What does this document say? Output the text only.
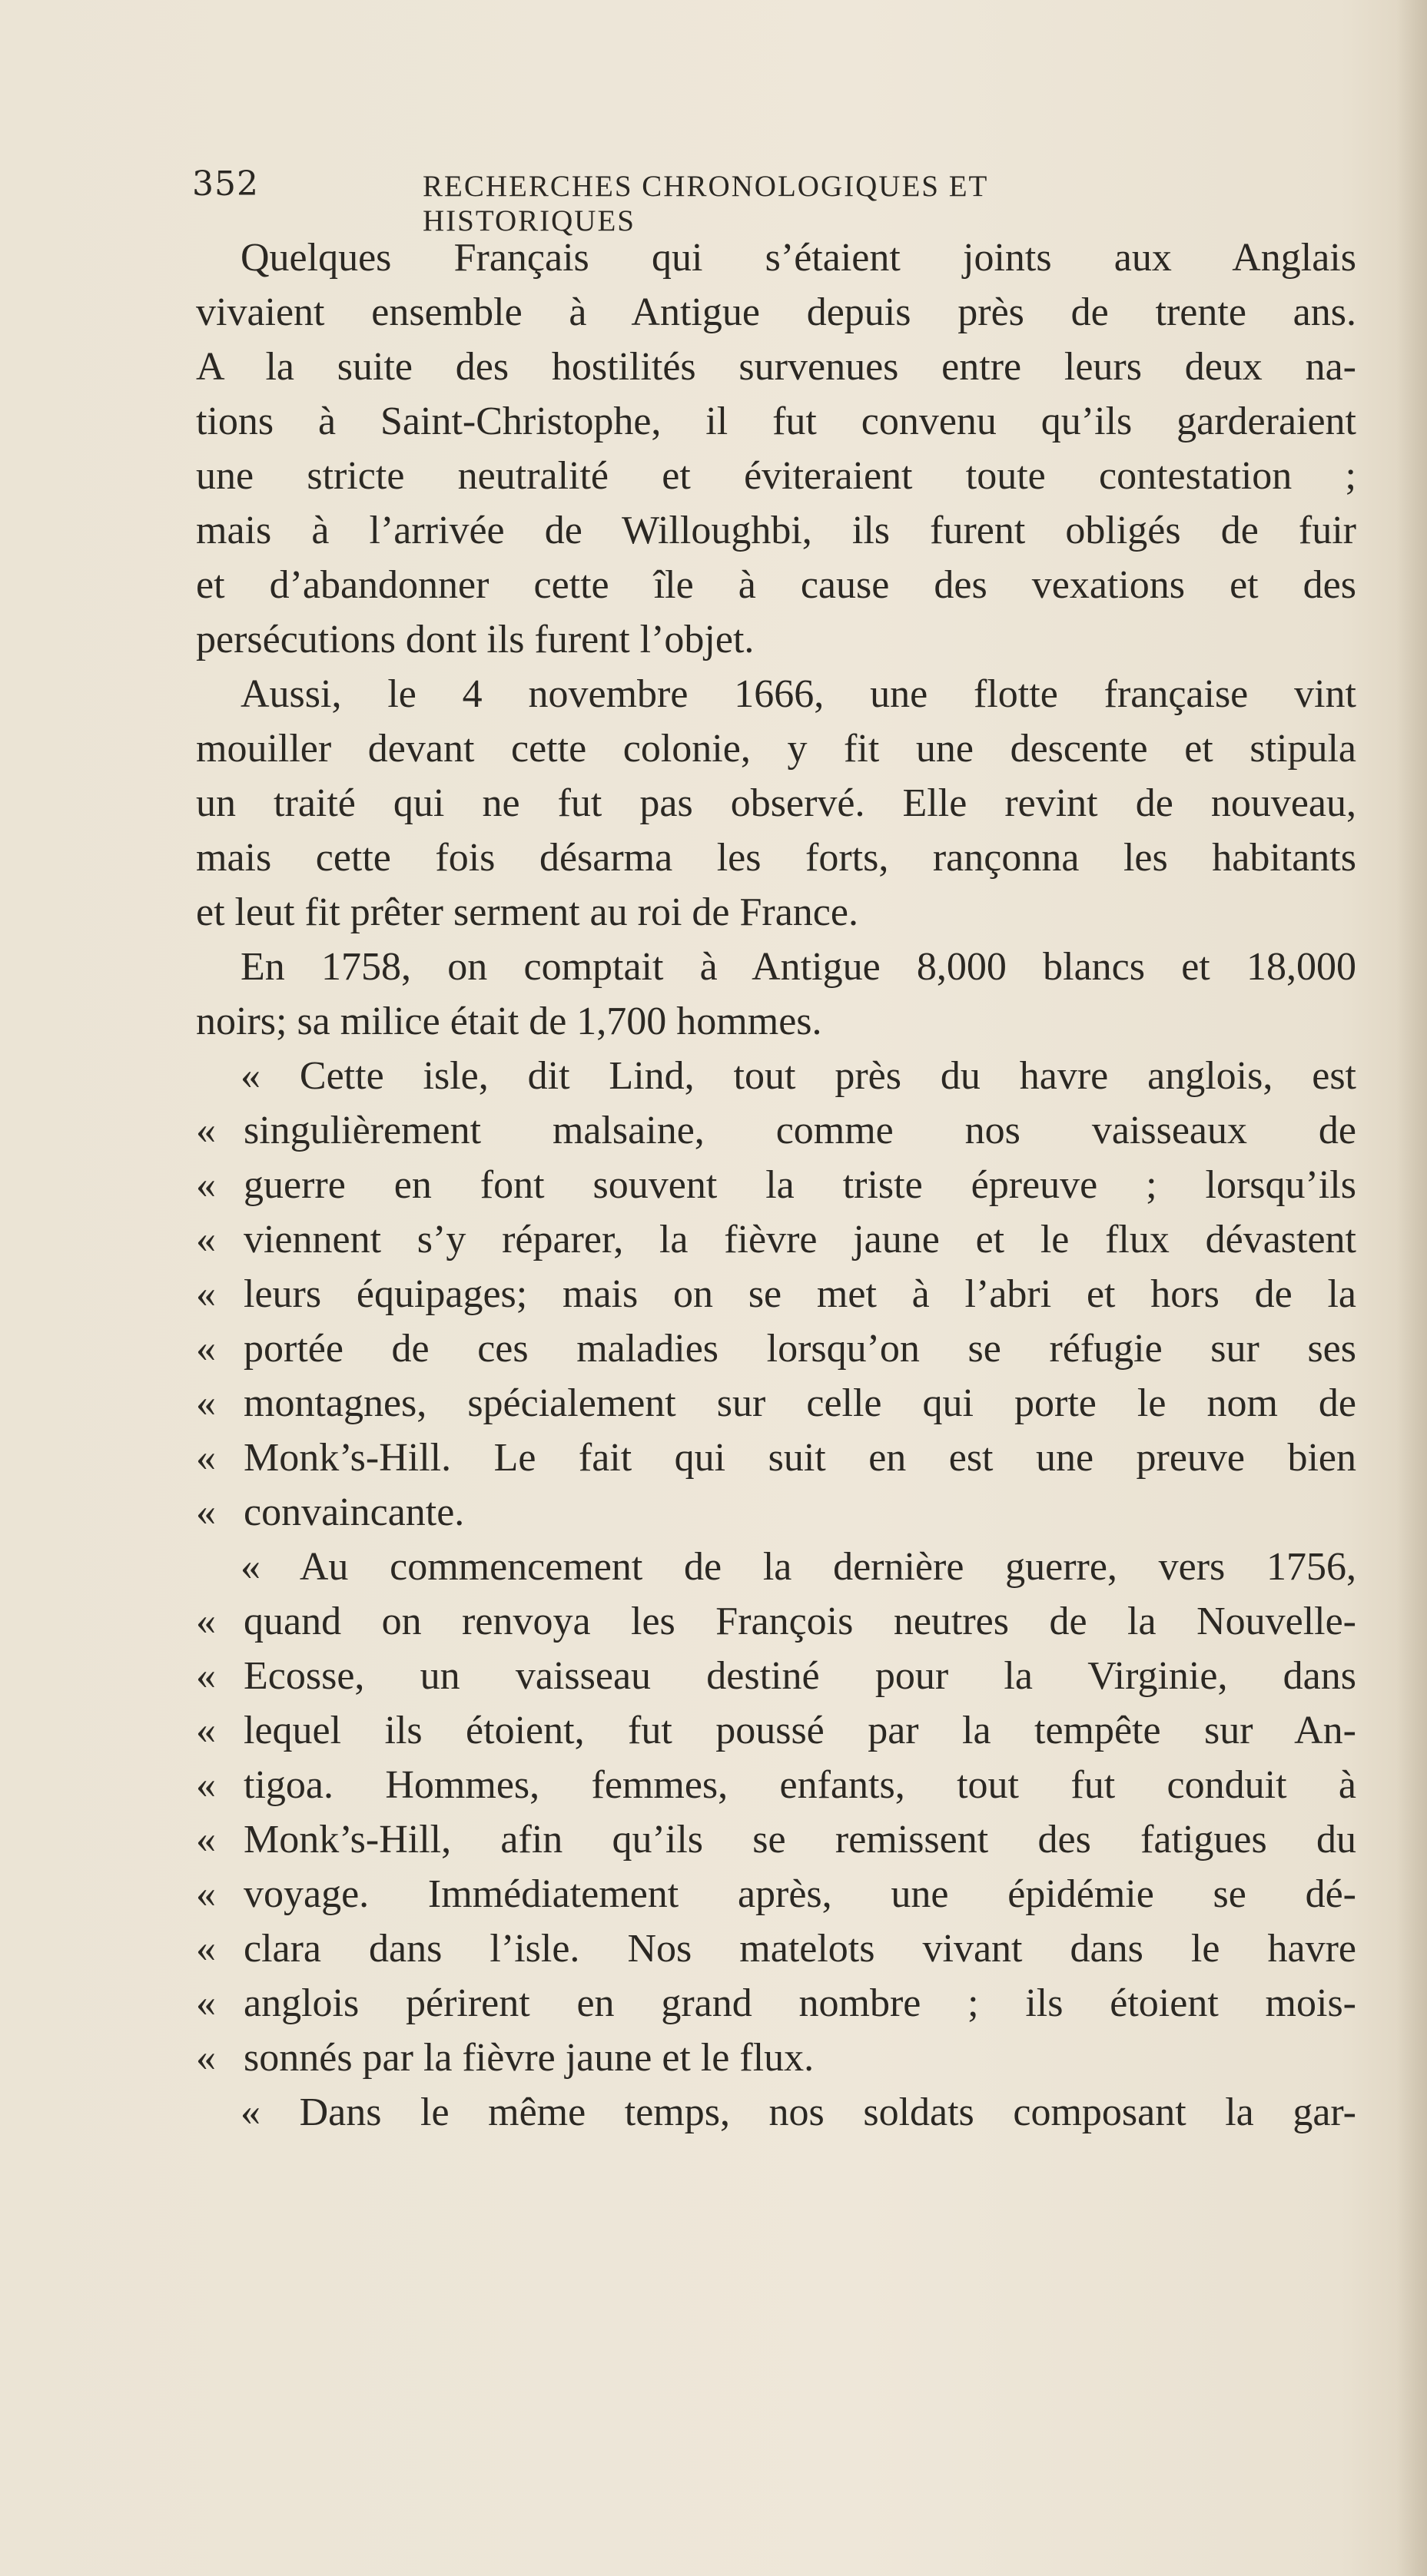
352	RECHERCHES CHRONOLOGIQUES ET HISTORIQUES
Quelques Français qui s’étaient joints aux Anglais
vivaient ensemble à Antigue depuis près de trente ans.
A la suite des hostilités survenues entre leurs deux na-
tions à Saint-Christophe, il fut convenu qu’ils garderaient
une stricte neutralité et éviteraient toute contestation ;
mais à l’arrivée de Willoughbi, ils furent obligés de fuir
et d’abandonner cette île à cause des vexations et des
persécutions dont ils furent l’objet.
Aussi, le 4 novembre 1666, une flotte française vint
mouiller devant cette colonie, y fit une descente et stipula
un traité qui ne fut pas observé. Elle revint de nouveau,
mais cette fois désarma les forts, rançonna les habitants
et leut fit prêter serment au roi de France.
En 1758, on comptait à Antigue 8,000 blancs et 18,000
noirs; sa milice était de 1,700 hommes.
« Cette isle, dit Lind, tout près du havre anglois, est
« singulièrement malsaine, comme nos vaisseaux de
« guerre en font souvent la triste épreuve ; lorsqu’ils
« viennent s’y réparer, la fièvre jaune et le flux dévastent
« leurs équipages; mais on se met à l’abri et hors de la
« portée de ces maladies lorsqu’on se réfugie sur ses
« montagnes, spécialement sur celle qui porte le nom de
« Monk’s-Hill. Le fait qui suit en est une preuve bien
« convaincante.
« Au commencement de la dernière guerre, vers 1756,
« quand on renvoya les François neutres de la Nouvelle-
« Ecosse, un vaisseau destiné pour la Virginie, dans
« lequel ils étoient, fut poussé par la tempête sur An-
« tigoa. Hommes, femmes, enfants, tout fut conduit à
« Monk’s-Hill, afin qu’ils se remissent des fatigues du
« voyage. Immédiatement après, une épidémie se dé-
« clara dans l’isle. Nos matelots vivant dans le havre
« anglois périrent en grand nombre ; ils étoient mois-
« sonnés par la fièvre jaune et le flux.
« Dans le même temps, nos soldats composant la gar-
